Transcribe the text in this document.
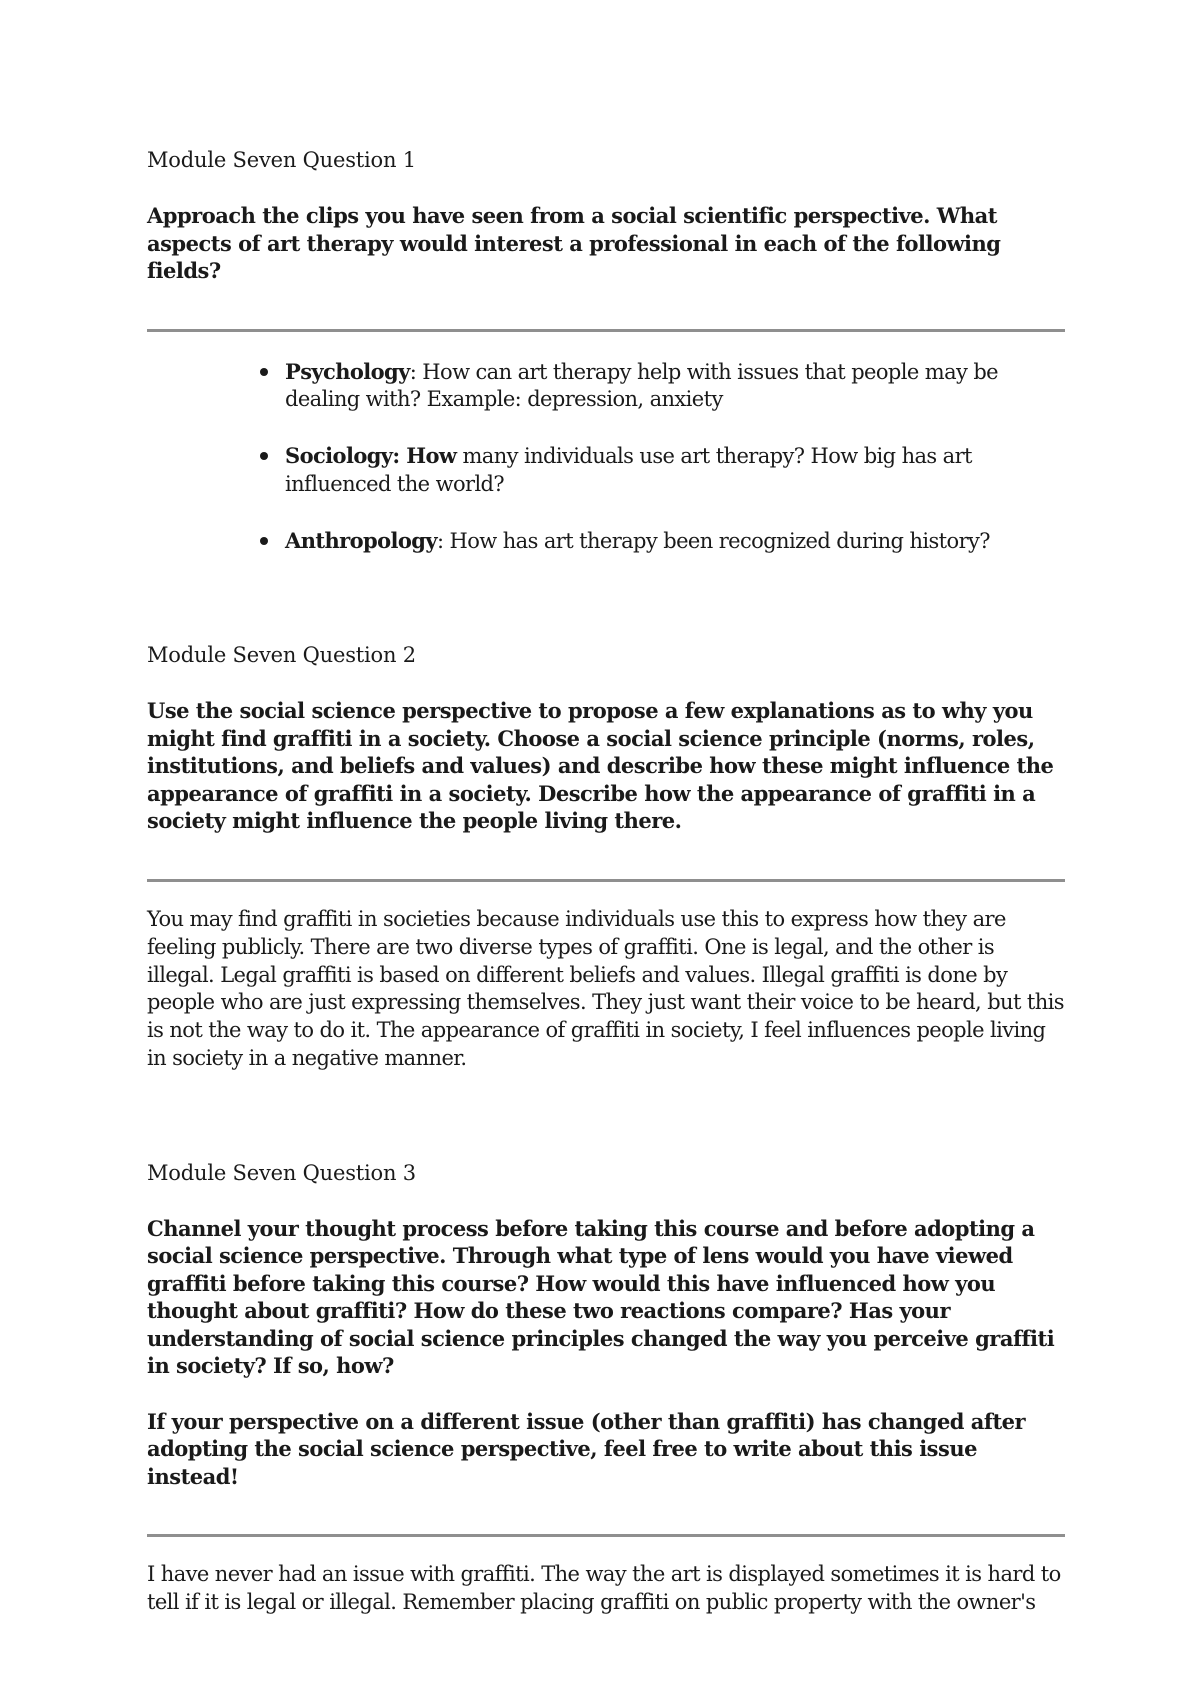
Module Seven Question 1

Approach the clips you have seen from a social scientific perspective. What aspects of art therapy would interest a professional in each of the following fields?

Psychology: How can art therapy help with issues that people may be dealing with? Example: depression, anxiety
Sociology: How many individuals use art therapy? How big has art influenced the world?
Anthropology: How has art therapy been recognized during history?

Module Seven Question 2

Use the social science perspective to propose a few explanations as to why you might find graffiti in a society. Choose a social science principle (norms, roles, institutions, and beliefs and values) and describe how these might influence the appearance of graffiti in a society. Describe how the appearance of graffiti in a society might influence the people living there.

You may find graffiti in societies because individuals use this to express how they are feeling publicly. There are two diverse types of graffiti. One is legal, and the other is illegal. Legal graffiti is based on different beliefs and values. Illegal graffiti is done by people who are just expressing themselves. They just want their voice to be heard, but this is not the way to do it. The appearance of graffiti in society, I feel influences people living in society in a negative manner.

Module Seven Question 3

Channel your thought process before taking this course and before adopting a social science perspective. Through what type of lens would you have viewed graffiti before taking this course? How would this have influenced how you thought about graffiti? How do these two reactions compare? Has your understanding of social science principles changed the way you perceive graffiti in society? If so, how?

If your perspective on a different issue (other than graffiti) has changed after adopting the social science perspective, feel free to write about this issue instead!

I have never had an issue with graffiti. The way the art is displayed sometimes it is hard to tell if it is legal or illegal. Remember placing graffiti on public property with the owner's
